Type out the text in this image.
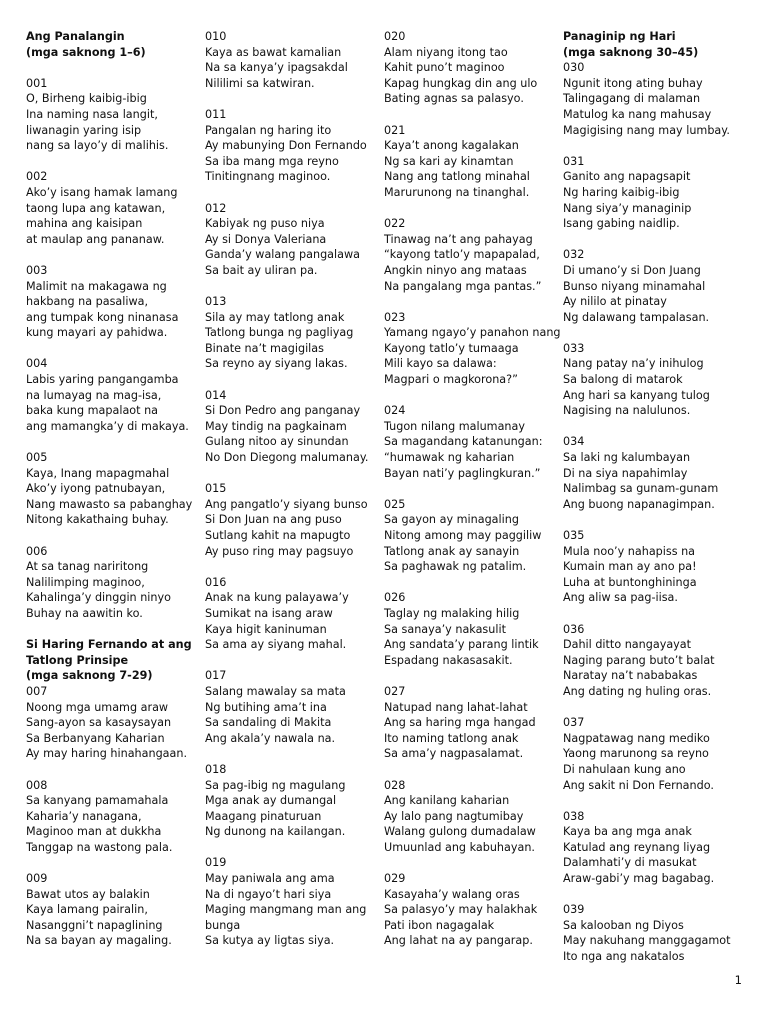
Ang Panalangin
(mga saknong 1–6)
001
O, Birheng kaibig-ibig
Ina naming nasa langit,
liwanagin yaring isip
nang sa layo’y di malihis.
002
Ako’y isang hamak lamang
taong lupa ang katawan,
mahina ang kaisipan
at maulap ang pananaw.
003
Malimit na makagawa ng
hakbang na pasaliwa,
ang tumpak kong ninanasa
kung mayari ay pahidwa.
004
Labis yaring pangangamba
na lumayag na mag-isa,
baka kung mapalaot na
ang mamangka’y di makaya.
005
Kaya, Inang mapagmahal
Ako’y iyong patnubayan,
Nang mawasto sa pabanghay
Nitong kakathaing buhay.
006
At sa tanag nariritong
Nalilimping maginoo,
Kahalinga’y dinggin ninyo
Buhay na aawitin ko.
Si Haring Fernando at ang
Tatlong Prinsipe
(mga saknong 7-29)
007
Noong mga umamg araw
Sang-ayon sa kasaysayan
Sa Berbanyang Kaharian
Ay may haring hinahangaan.
008
Sa kanyang pamamahala
Kaharia’y nanagana,
Maginoo man at dukkha
Tanggap na wastong pala.
009
Bawat utos ay balakin
Kaya lamang pairalin,
Nasanggni’t napaglining
Na sa bayan ay magaling.
010
Kaya as bawat kamalian
Na sa kanya’y ipagsakdal
Nililimi sa katwiran.
011
Pangalan ng haring ito
Ay mabunying Don Fernando
Sa iba mang mga reyno
Tinitingnang maginoo.
012
Kabiyak ng puso niya
Ay si Donya Valeriana
Ganda’y walang pangalawa
Sa bait ay uliran pa.
013
Sila ay may tatlong anak
Tatlong bunga ng pagliyag
Binate na’t magigilas
Sa reyno ay siyang lakas.
014
Si Don Pedro ang panganay
May tindig na pagkainam
Gulang nitoo ay sinundan
No Don Diegong malumanay.
015
Ang pangatlo’y siyang bunso
Si Don Juan na ang puso
Sutlang kahit na mapugto
Ay puso ring may pagsuyo
016
Anak na kung palayawa’y
Sumikat na isang araw
Kaya higit kaninuman
Sa ama ay siyang mahal.
017
Salang mawalay sa mata
Ng butihing ama’t ina
Sa sandaling di Makita
Ang akala’y nawala na.
018
Sa pag-ibig ng magulang
Mga anak ay dumangal
Maagang pinaturuan
Ng dunong na kailangan.
019
May paniwala ang ama
Na di ngayo’t hari siya
Maging mangmang man ang
bunga
Sa kutya ay ligtas siya.
020
Alam niyang itong tao
Kahit puno’t maginoo
Kapag hungkag din ang ulo
Bating agnas sa palasyo.
021
Kaya’t anong kagalakan
Ng sa kari ay kinamtan
Nang ang tatlong minahal
Marurunong na tinanghal.
022
Tinawag na’t ang pahayag
“kayong tatlo’y mapapalad,
Angkin ninyo ang mataas
Na pangalang mga pantas.”
023
Yamang ngayo’y panahon nang
Kayong tatlo’y tumaaga
Mili kayo sa dalawa:
Magpari o magkorona?”
024
Tugon nilang malumanay
Sa magandang katanungan:
“humawak ng kaharian
Bayan nati’y paglingkuran.”
025
Sa gayon ay minagaling
Nitong among may paggiliw
Tatlong anak ay sanayin
Sa paghawak ng patalim.
026
Taglay ng malaking hilig
Sa sanaya’y nakasulit
Ang sandata’y parang lintik
Espadang nakasasakit.
027
Natupad nang lahat-lahat
Ang sa haring mga hangad
Ito naming tatlong anak
Sa ama’y nagpasalamat.
028
Ang kanilang kaharian
Ay lalo pang nagtumibay
Walang gulong dumadalaw
Umuunlad ang kabuhayan.
029
Kasayaha’y walang oras
Sa palasyo’y may halakhak
Pati ibon nagagalak
Ang lahat na ay pangarap.
Panaginip ng Hari
(mga saknong 30–45)
030
Ngunit itong ating buhay
Talingagang di malaman
Matulog ka nang mahusay
Magigising nang may lumbay.
031
Ganito ang napagsapit
Ng haring kaibig-ibig
Nang siya’y managinip
Isang gabing naidlip.
032
Di umano’y si Don Juang
Bunso niyang minamahal
Ay nililo at pinatay
Ng dalawang tampalasan.
033
Nang patay na’y inihulog
Sa balong di matarok
Ang hari sa kanyang tulog
Nagising na nalulunos.
034
Sa laki ng kalumbayan
Di na siya napahimlay
Nalimbag sa gunam-gunam
Ang buong napanagimpan.
035
Mula noo’y nahapiss na
Kumain man ay ano pa!
Luha at buntonghininga
Ang aliw sa pag-iisa.
036
Dahil ditto nangayayat
Naging parang buto’t balat
Naratay na’t nababakas
Ang dating ng huling oras.
037
Nagpatawag nang mediko
Yaong marunong sa reyno
Di nahulaan kung ano
Ang sakit ni Don Fernando.
038
Kaya ba ang mga anak
Katulad ang reynang liyag
Dalamhati’y di masukat
Araw-gabi’y mag bagabag.
039
Sa kalooban ng Diyos
May nakuhang manggagamot
Ito nga ang nakatalos
1
